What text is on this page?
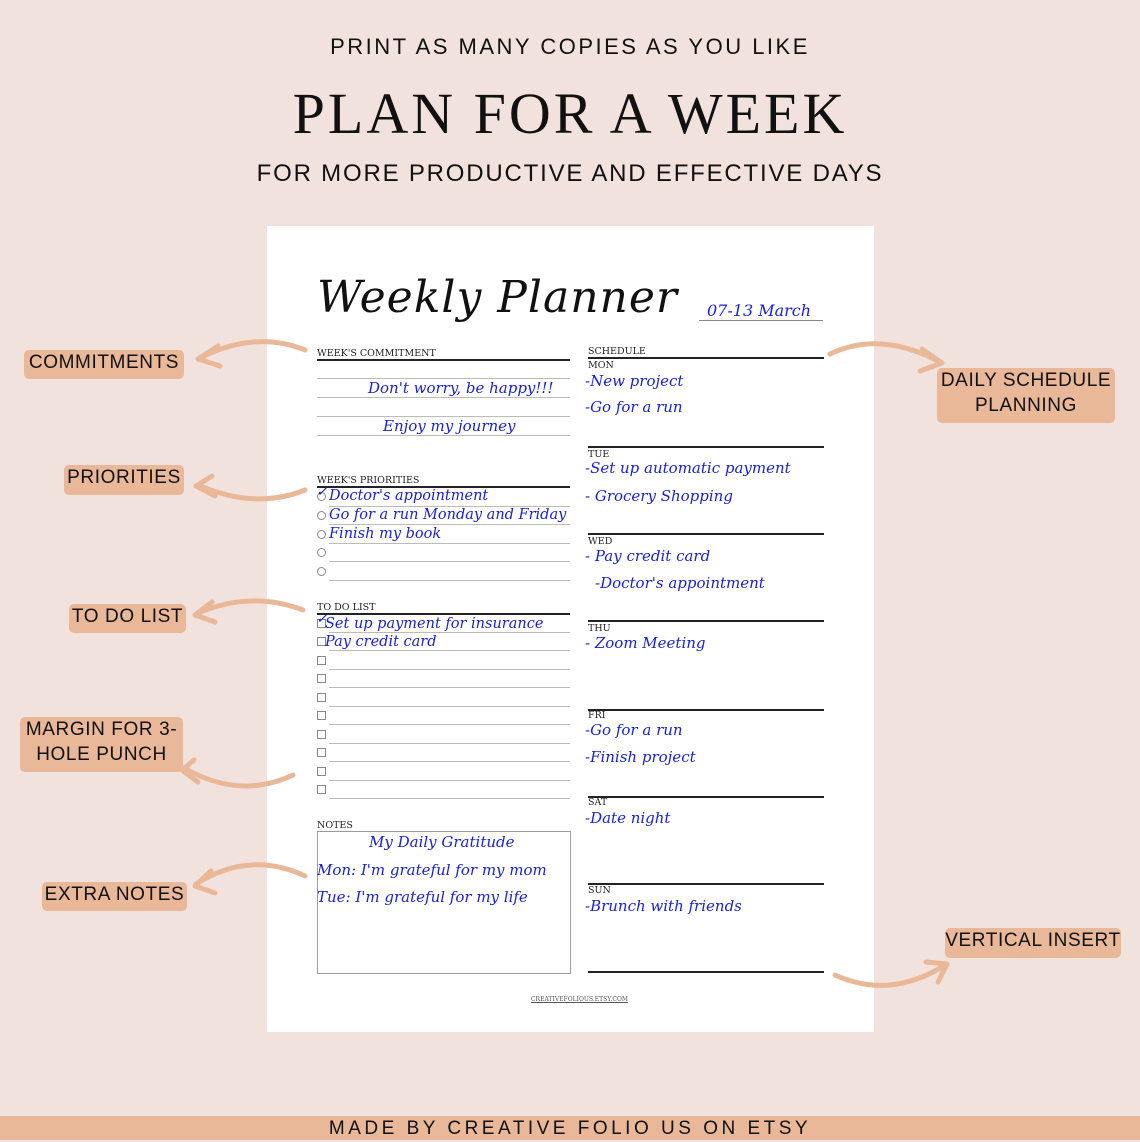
PRINT AS MANY COPIES AS YOU LIKE
PLAN FOR A WEEK
FOR MORE PRODUCTIVE AND EFFECTIVE DAYS
Weekly Planner 07-13 March
WEEK'S COMMITMENT
Don't worry, be happy!!!
Enjoy my journey
WEEK'S PRIORITIES
✓ Doctor's appointment
Go for a run Monday and Friday
Finish my book
TO DO LIST
✓
Set up payment for insurance
Pay credit card
NOTES
My Daily Gratitude
Mon: I'm grateful for my mom
Tue: I'm grateful for my life
SCHEDULE
MON
-New project
-Go for a run
TUE
-Set up automatic payment
- Grocery Shopping
WED
- Pay credit card
-Doctor's appointment
THU
- Zoom Meeting
FRI
-Go for a run
-Finish project
SAT
-Date night
SUN
-Brunch with friends
CREATIVEFOLIOUS.ETSY.COM
COMMITMENTS
PRIORITIES
TO DO LIST
MARGIN FOR 3-
HOLE PUNCH
EXTRA NOTES
DAILY SCHEDULE
PLANNING
VERTICAL INSERT
MADE BY CREATIVE FOLIO US ON ETSY
